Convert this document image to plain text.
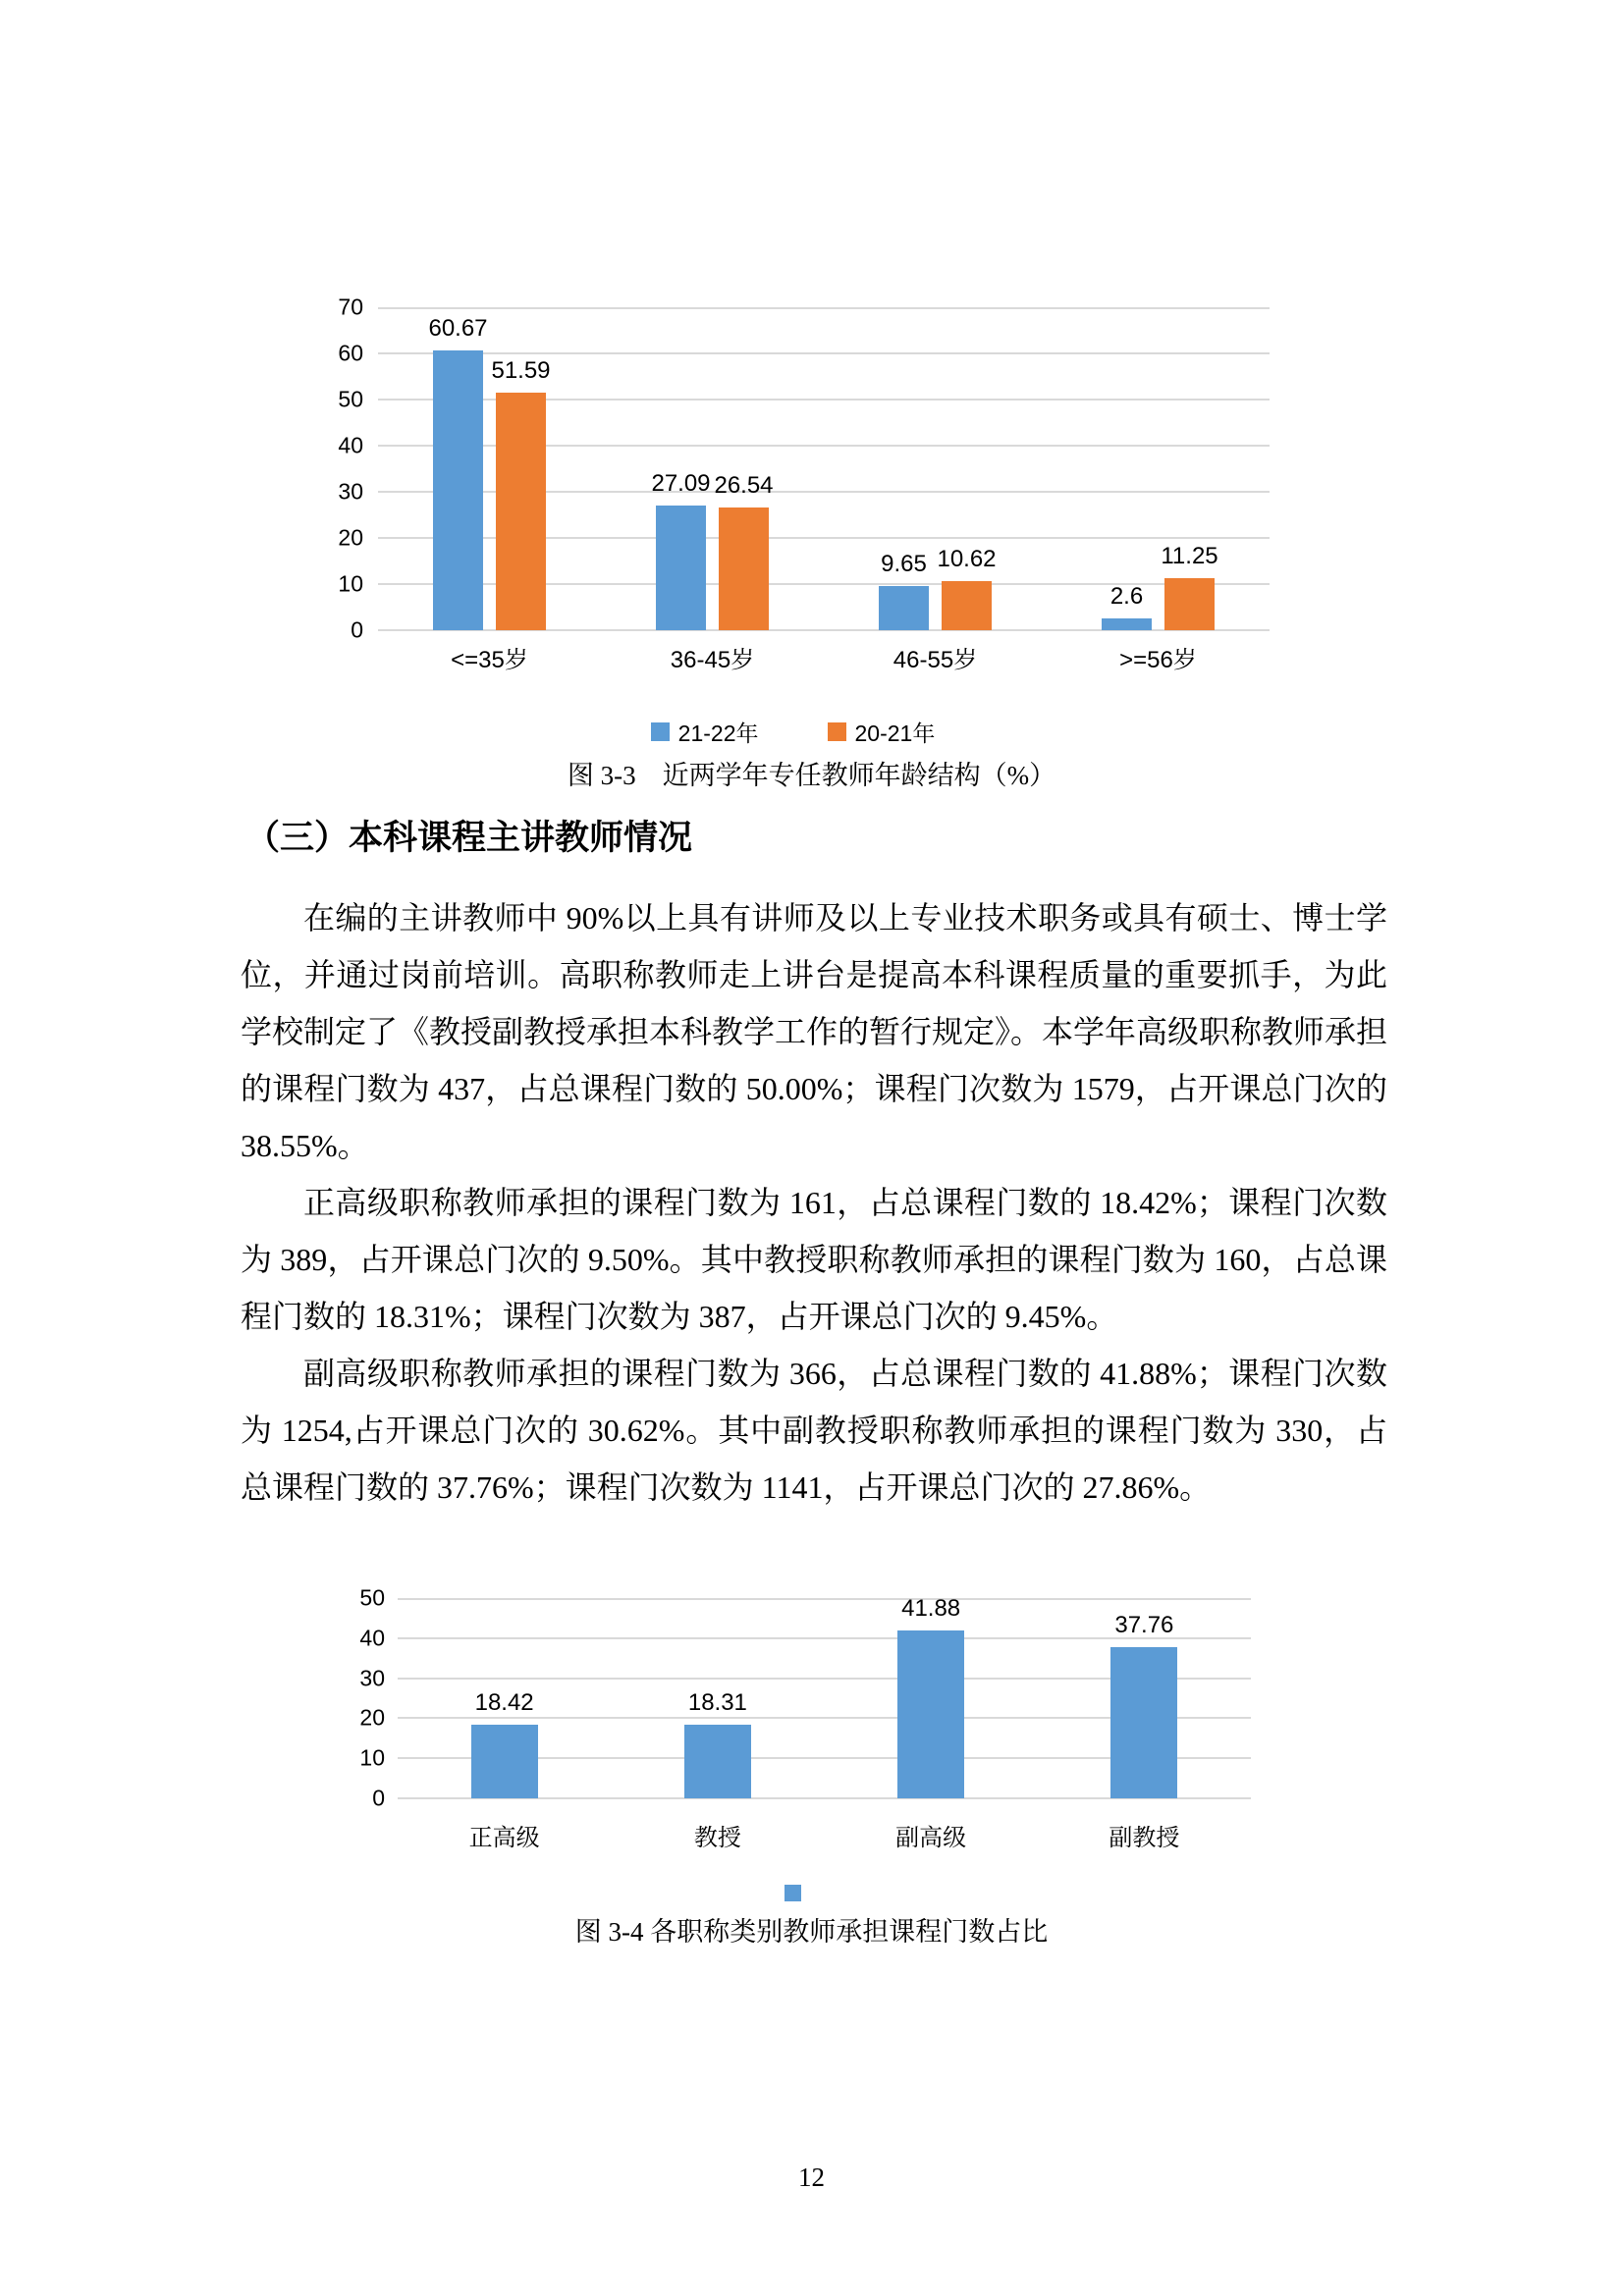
0
10
20
30
40
50
60
70
60.67
51.59
27.09 26.54
9.65 10.62
2.6
11.25
<=35岁	36-45岁	46-55岁	>=56岁
21-22年	20-21年
图 3-3　近两学年专任教师年龄结构（%）
（三）本科课程主讲教师情况

在编的主讲教师中 90%以上具有讲师及以上专业技术职务或具有硕士、博士学位，并通过岗前培训。高职称教师走上讲台是提高本科课程质量的重要抓手，为此学校制定了《教授副教授承担本科教学工作的暂行规定》。本学年高级职称教师承担的课程门数为 437，占总课程门数的 50.00%；课程门次数为 1579，占开课总门次的 38.55%。

正高级职称教师承担的课程门数为 161，占总课程门数的 18.42%；课程门次数为 389，占开课总门次的 9.50%。其中教授职称教师承担的课程门数为 160，占总课程门数的 18.31%；课程门次数为 387，占开课总门次的 9.45%。

副高级职称教师承担的课程门数为 366，占总课程门数的 41.88%；课程门次数为 1254,占开课总门次的 30.62%。其中副教授职称教师承担的课程门数为 330，占总课程门数的 37.76%；课程门次数为 1141，占开课总门次的 27.86%。

0
10
20
30
40
50
18.42	18.31
41.88
37.76
正高级	教授	副高级	副教授
图 3-4 各职称类别教师承担课程门数占比
12
